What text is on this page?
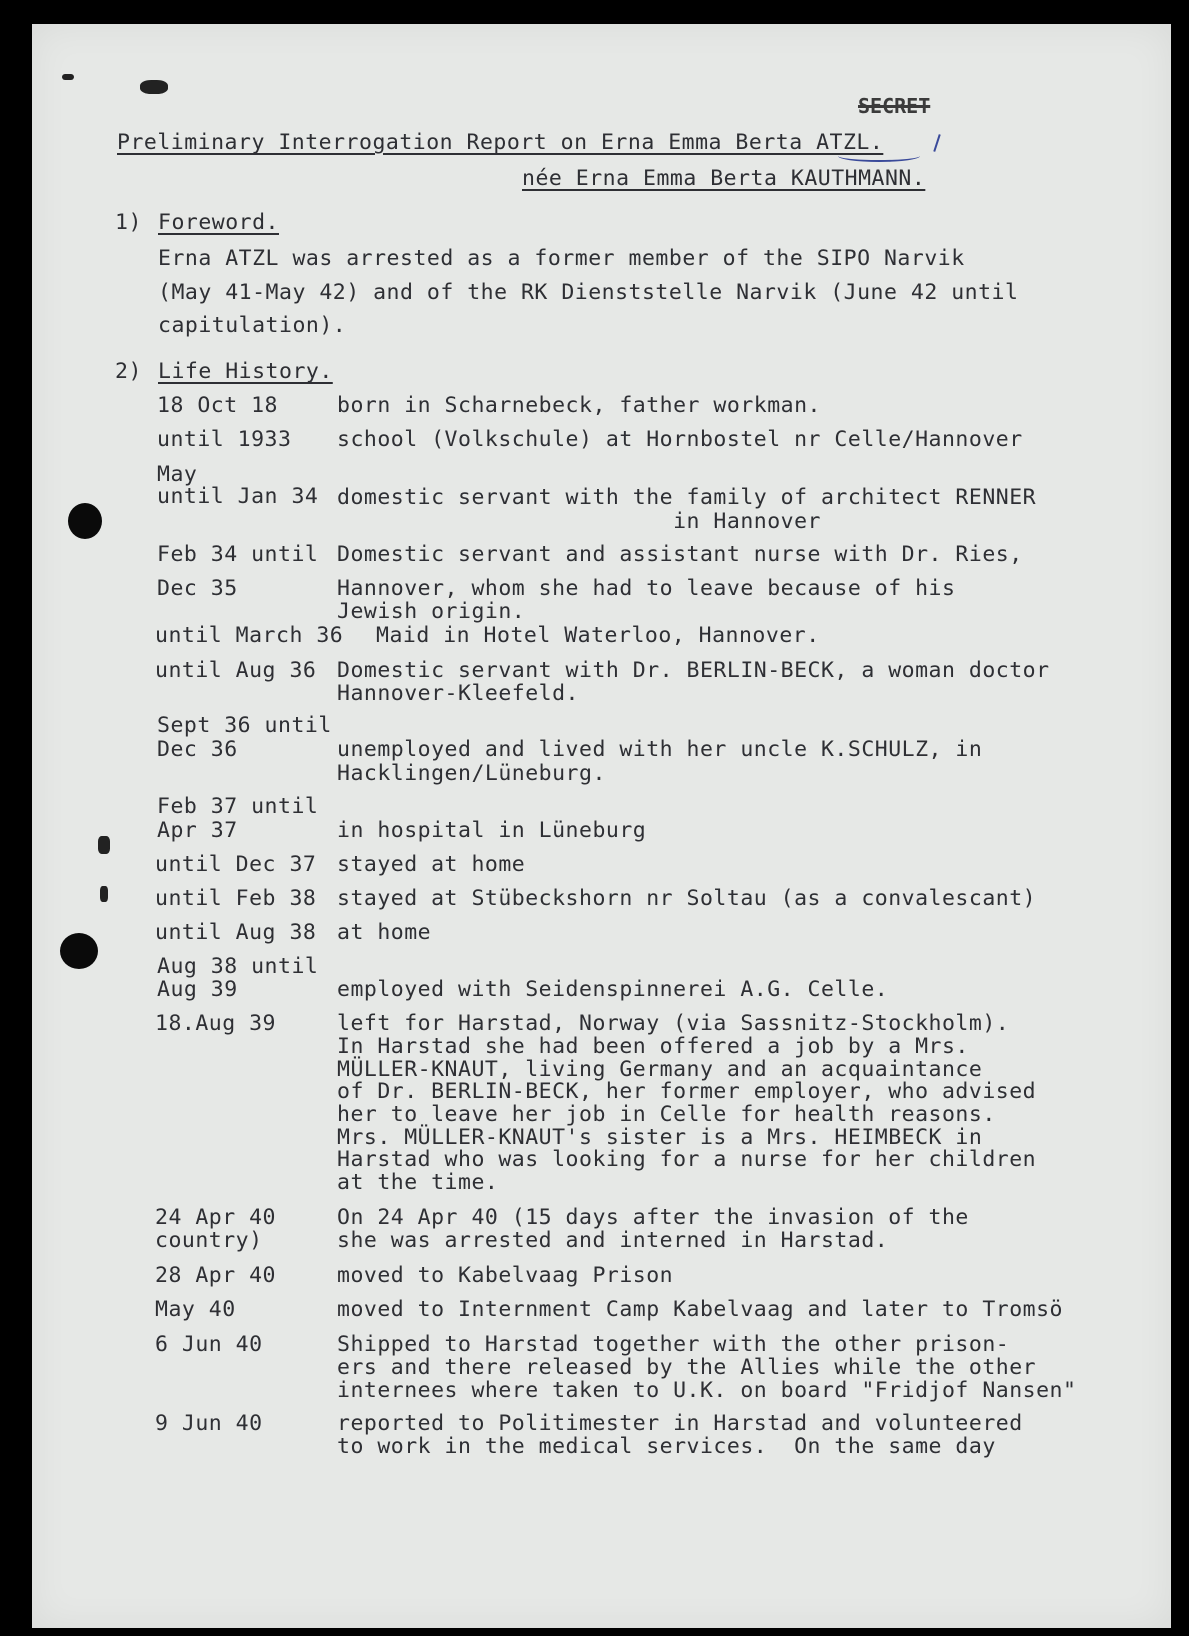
SECRET
Preliminary Interrogation Report on Erna Emma Berta ATZL.
née Erna Emma Berta KAUTHMANN.
1) Foreword.
Erna ATZL was arrested as a former member of the SIPO Narvik
(May 41-May 42) and of the RK Dienststelle Narvik (June 42 until
capitulation).
2) Life History.
18 Oct 18
until 1933
May
until Jan 34
Feb 34 until
Dec 35
until March 36
until Aug 36
Sept 36 until
Dec 36
Feb 37 until
Apr 37
until Dec 37
until Feb 38
until Aug 38
Aug 38 until
Aug 39
18.Aug 39
24 Apr 40
country)
28 Apr 40
May 40
6 Jun 40
9 Jun 40
born in Scharnebeck, father workman.
school (Volkschule) at Hornbostel nr Celle/Hannover
domestic servant with the family of architect RENNER
in Hannover
Domestic servant and assistant nurse with Dr. Ries,
Hannover, whom she had to leave because of his
Jewish origin.
Maid in Hotel Waterloo, Hannover.
Domestic servant with Dr. BERLIN-BECK, a woman doctor
Hannover-Kleefeld.
unemployed and lived with her uncle K.SCHULZ, in
Hacklingen/Lüneburg.
in hospital in Lüneburg
stayed at home
stayed at Stübeckshorn nr Soltau (as a convalescant)
at home
employed with Seidenspinnerei A.G. Celle.
left for Harstad, Norway (via Sassnitz-Stockholm).
In Harstad she had been offered a job by a Mrs.
MÜLLER-KNAUT, living Germany and an acquaintance
of Dr. BERLIN-BECK, her former employer, who advised
her to leave her job in Celle for health reasons.
Mrs. MÜLLER-KNAUT's sister is a Mrs. HEIMBECK in
Harstad who was looking for a nurse for her children
at the time.
On 24 Apr 40 (15 days after the invasion of the
she was arrested and interned in Harstad.
moved to Kabelvaag Prison
moved to Internment Camp Kabelvaag and later to Tromsö
Shipped to Harstad together with the other prison-
ers and there released by the Allies while the other
internees where taken to U.K. on board "Fridjof Nansen"
reported to Politimester in Harstad and volunteered
to work in the medical services.  On the same day
